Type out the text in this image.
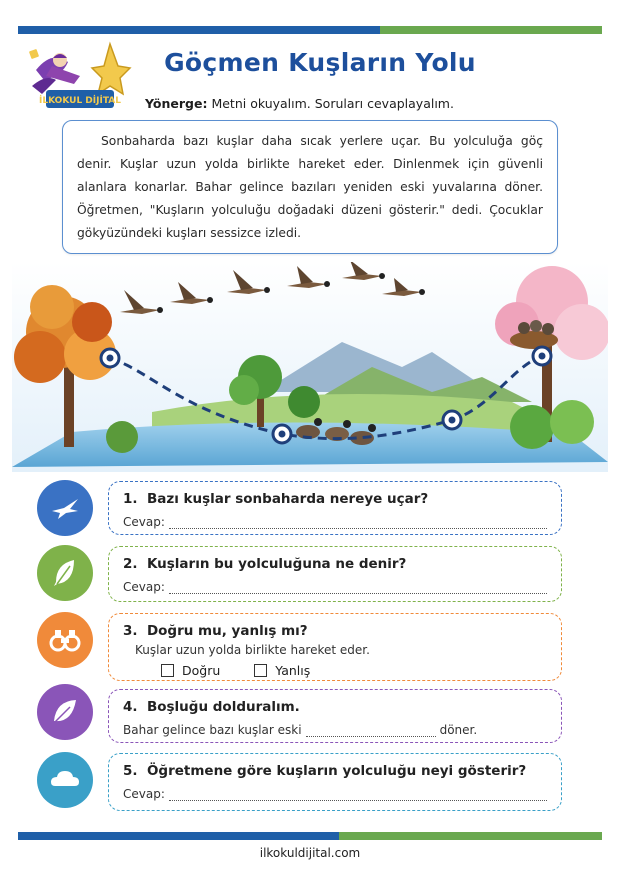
İLKOKUL DİJİTAL
Göçmen Kuşların Yolu
Yönerge: Metni okuyalım. Soruları cevaplayalım.

Sonbaharda bazı kuşlar daha sıcak yerlere uçar. Bu yolculuğa göç denir. Kuşlar uzun yolda birlikte hareket eder. Dinlenmek için güvenli alanlara konarlar. Bahar gelince bazıları yeniden eski yuvalarına döner. Öğretmen, "Kuşların yolculuğu doğadaki düzeni gösterir." dedi. Çocuklar gökyüzündeki kuşları sessizce izledi.

1. Bazı kuşlar sonbaharda nereye uçar?
Cevap:
2. Kuşların bu yolculuğuna ne denir?
Cevap:
3. Doğru mu, yanlış mı?
Kuşlar uzun yolda birlikte hareket eder.
Doğru	Yanlış
4. Boşluğu dolduralım.
Bahar gelince bazı kuşlar eski	döner.
5. Öğretmene göre kuşların yolculuğu neyi gösterir?
Cevap:
ilkokuldijital.com
